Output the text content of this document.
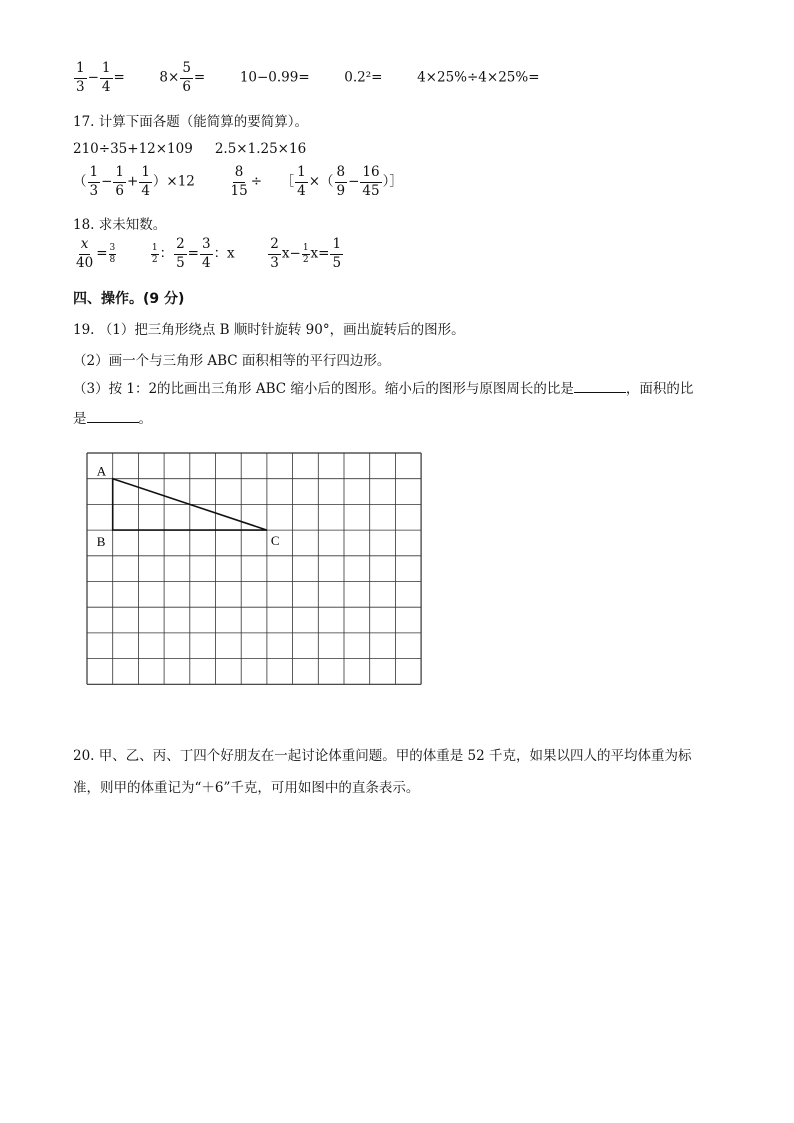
$\frac{1}{3} - \frac{1}{4}$ =	$8\times \frac{5}{6}$ =	10−0.99=	0.2²=	4×25%÷4×25%=
17. 计算下面各题（能简算的要简算）。
210÷35+12×109 2.5×1.25×16
（ $\frac{1}{3} - \frac{1}{6} + \frac{1}{4} )\times 12 \frac{8}{15}$ ÷ ［ $\frac{1}{4}$ ×（ $\frac{8}{9} - \frac{16}{45}$ ）］
18. 求未知数。
$\frac{x}{40} = \frac{3}{8}$
	$\frac{1}{2}$ ： $\frac{2}{5} = \frac{3}{4}$ ：x $\frac{2}{3} x- \frac{1}{2} x= \frac{1}{5}$
四、操作。(9 分)
19. （1）把三角形绕点 B 顺时针旋转 90°，画出旋转后的图形。
（2）画一个与三角形 ABC 面积相等的平行四边形。
（3）按 1：2的比画出三角形 ABC 缩小后的图形。缩小后的图形与原图周长的比是	，面积的比
是	。
A
B	C
20. 甲、乙、丙、丁四个好朋友在一起讨论体重问题。甲的体重是 52 千克，如果以四人的平均体重为标
准，则甲的体重记为“＋6”千克，可用如图中的直条表示。
